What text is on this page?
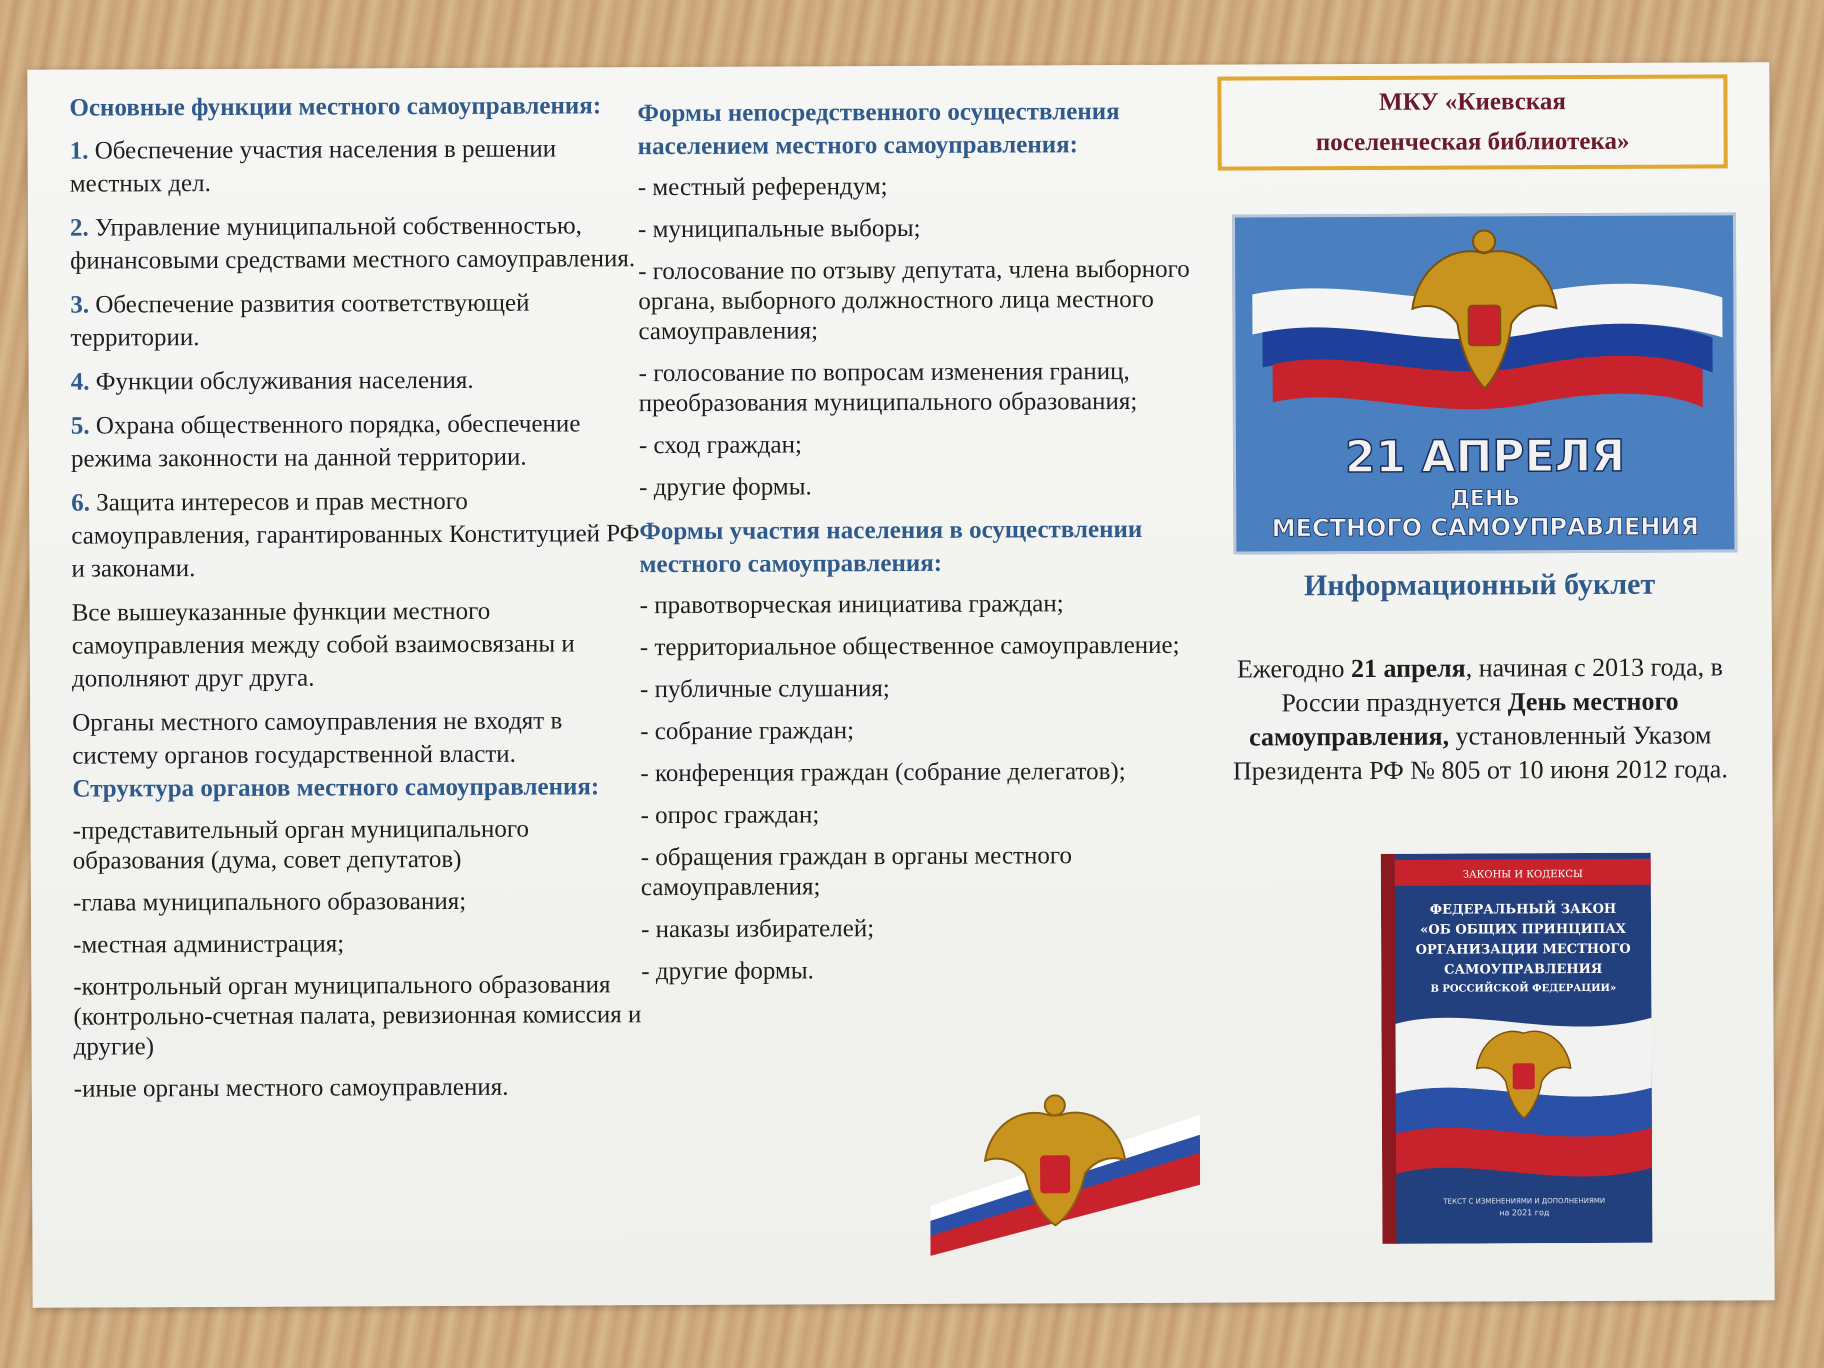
Основные функции местного самоуправления:
1. Обеспечение участия населения в решении местных дел.
2. Управление муниципальной собственностью, финансовыми средствами местного самоуправления.
3. Обеспечение развития соответствующей территории.
4. Функции обслуживания населения.
5. Охрана общественного порядка, обеспечение режима законности на данной территории.
6. Защита интересов и прав местного самоуправления, гарантированных Конституцией РФ и законами.
Все вышеуказанные функции местного самоуправления между собой взаимосвязаны и дополняют друг друга.
Органы местного самоуправления не входят в систему органов государственной власти. Структура органов местного самоуправления:
-представительный орган муниципального образования (дума, совет депутатов)
-глава муниципального образования;
-местная администрация;
-контрольный орган муниципального образования (контрольно-счетная палата, ревизионная комиссия и другие)
-иные органы местного самоуправления.
Формы непосредственного осуществления населением местного самоуправления:
- местный референдум;
- муниципальные выборы;
- голосование по отзыву депутата, члена выборного органа, выборного должностного лица местного самоуправления;
- голосование по вопросам изменения границ, преобразования муниципального образования;
- сход граждан;
- другие формы.
Формы участия населения в осуществлении местного самоуправления:
- правотворческая инициатива граждан;
- территориальное общественное самоуправление;
- публичные слушания;
- собрание граждан;
- конференция граждан (собрание делегатов);
- опрос граждан;
- обращения граждан в органы местного самоуправления;
- наказы избирателей;
- другие формы.
МКУ «Киевская
поселенческая библиотека»
21 АПРЕЛЯ
ДЕНЬ
МЕСТНОГО САМОУПРАВЛЕНИЯ
Информационный буклет
Ежегодно 21 апреля, начиная с 2013 года, в России празднуется День местного самоуправления, установленный Указом Президента РФ № 805 от 10 июня 2012 года.
ЗАКОНЫ И КОДЕКСЫ
ФЕДЕРАЛЬНЫЙ ЗАКОН
«ОБ ОБЩИХ ПРИНЦИПАХ
ОРГАНИЗАЦИИ МЕСТНОГО
САМОУПРАВЛЕНИЯ
В РОССИЙСКОЙ ФЕДЕРАЦИИ»
ТЕКСТ С ИЗМЕНЕНИЯМИ И ДОПОЛНЕНИЯМИ
на 2021 год
